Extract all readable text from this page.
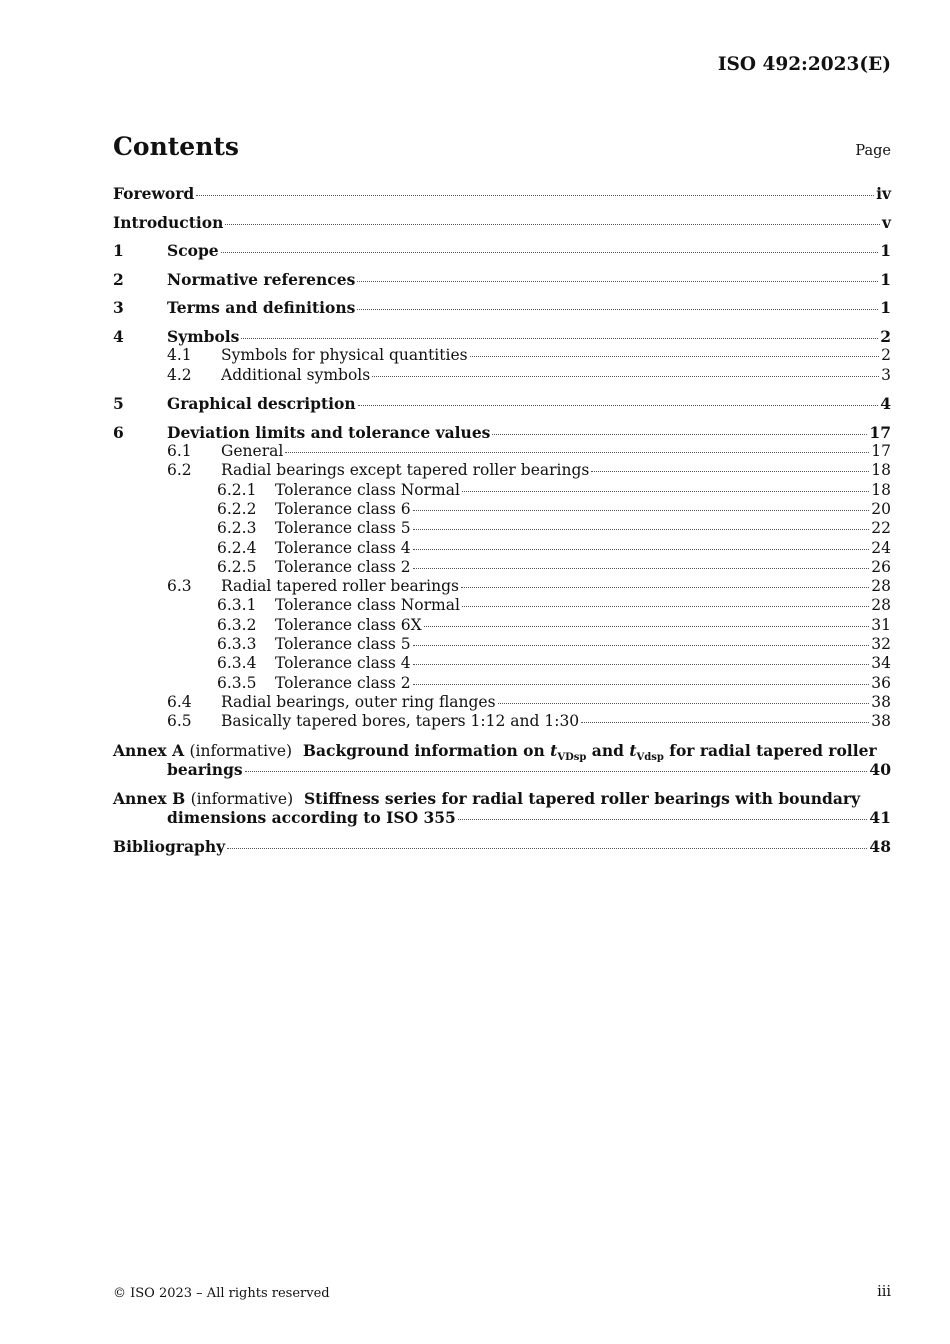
ISO 492:2023(E)
Contents	Page
Foreword	iv
Introduction	v
1	Scope	1
2	Normative references	1
3	Terms and definitions	1
4	Symbols	2
4.1	Symbols for physical quantities	2
4.2	Additional symbols	3
5	Graphical description	4
6	Deviation limits and tolerance values	17
6.1	General	17
6.2	Radial bearings except tapered roller bearings	18
6.2.1	Tolerance class Normal	18
6.2.2	Tolerance class 6	20
6.2.3	Tolerance class 5	22
6.2.4	Tolerance class 4	24
6.2.5	Tolerance class 2	26
6.3	Radial tapered roller bearings	28
6.3.1	Tolerance class Normal	28
6.3.2	Tolerance class 6X	31
6.3.3	Tolerance class 5	32
6.3.4	Tolerance class 4	34
6.3.5	Tolerance class 2	36
6.4	Radial bearings, outer ring flanges	38
6.5	Basically tapered bores, tapers 1:12 and 1:30	38
Annex A (informative) Background information on $t_{VDsp}$ and $t_{Vdsp}$ for radial tapered roller
bearings	40
Annex B (informative) Stiffness series for radial tapered roller bearings with boundary
dimensions according to ISO 355	41
Bibliography	48
© ISO 2023 – All rights reserved	iii
